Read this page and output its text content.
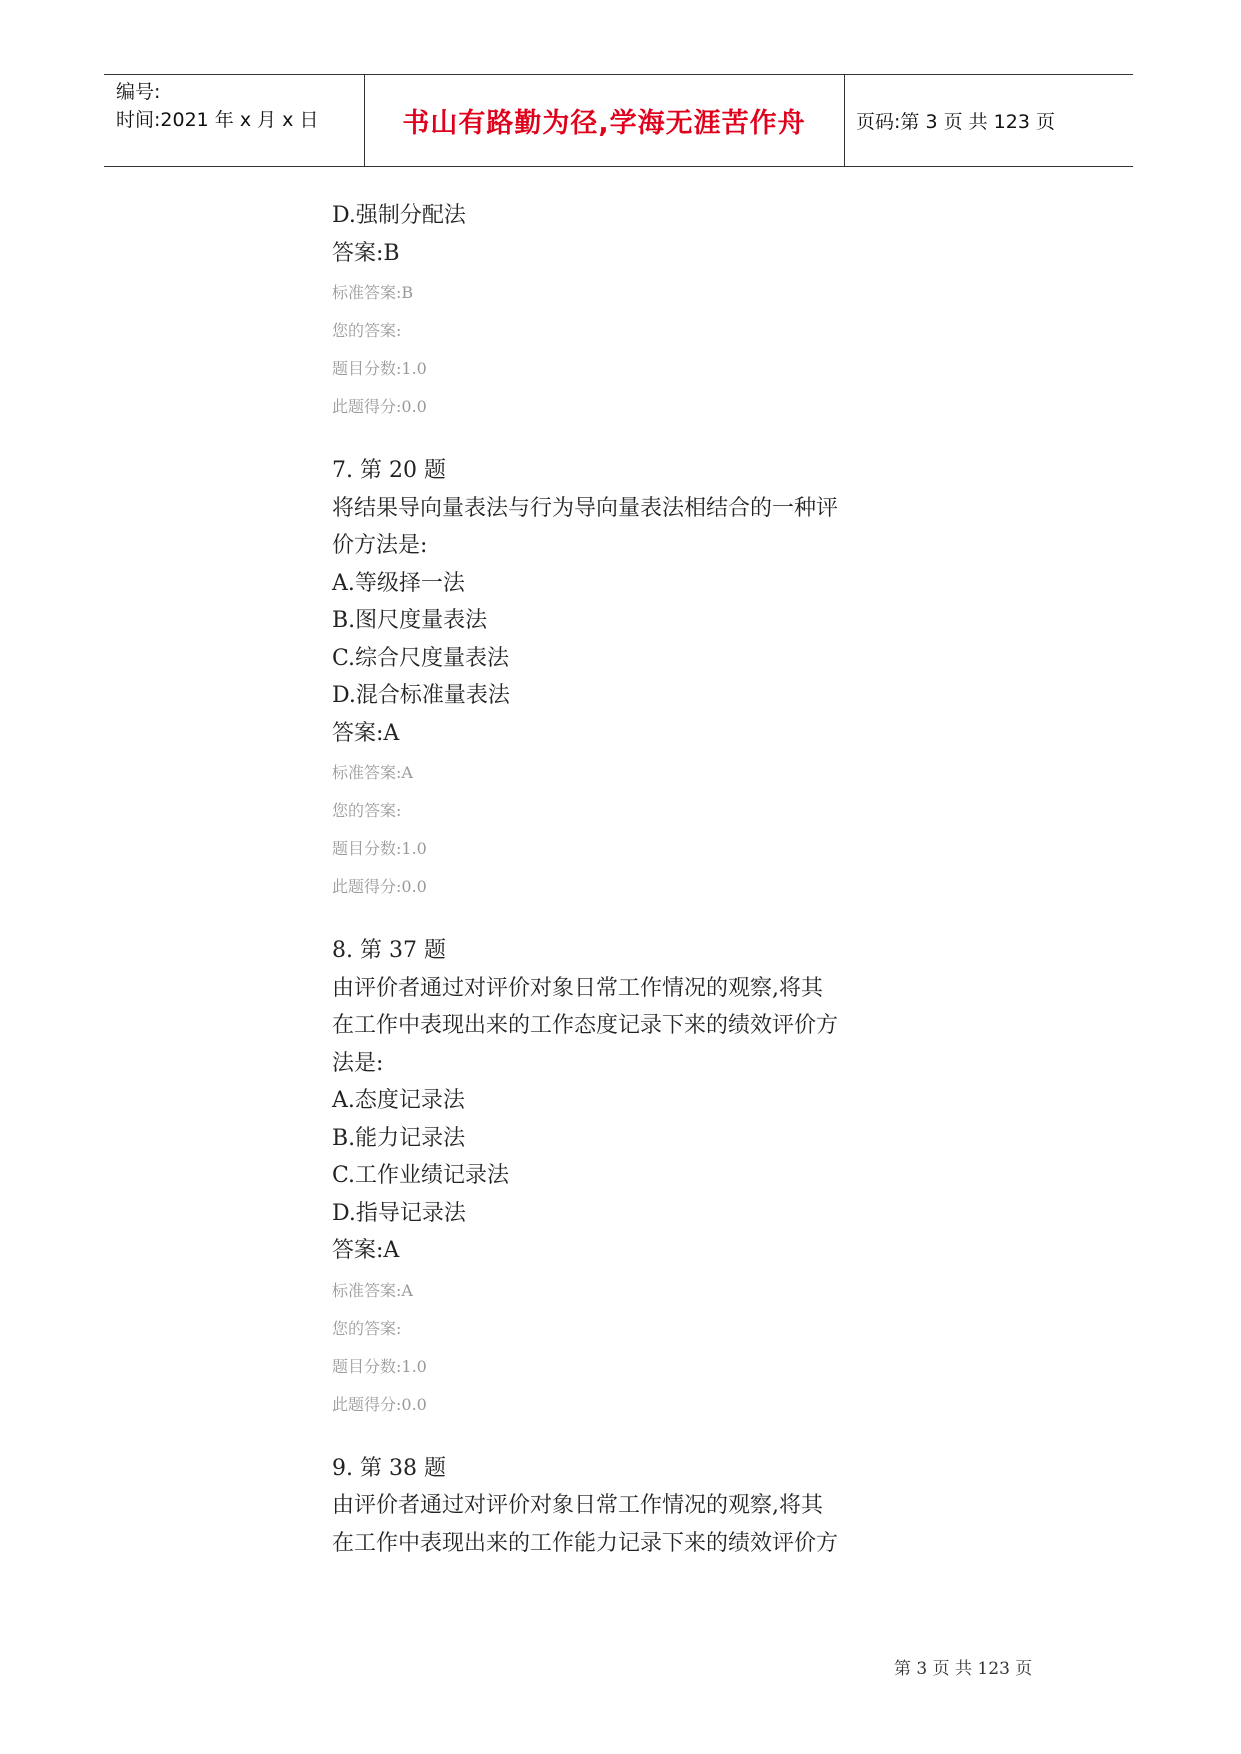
编号:
时间:2021 年 x 月 x 日	书山有路勤为径,学海无涯苦作舟	页码:第 3 页 共 123 页
D.强制分配法
答案:B
标准答案:B
您的答案:
题目分数:1.0
此题得分:0.0
7. 第 20 题
将结果导向量表法与行为导向量表法相结合的一种评
价方法是:
A.等级择一法
B.图尺度量表法
C.综合尺度量表法
D.混合标准量表法
答案:A
标准答案:A
您的答案:
题目分数:1.0
此题得分:0.0
8. 第 37 题
由评价者通过对评价对象日常工作情况的观察,将其
在工作中表现出来的工作态度记录下来的绩效评价方
法是:
A.态度记录法
B.能力记录法
C.工作业绩记录法
D.指导记录法
答案:A
标准答案:A
您的答案:
题目分数:1.0
此题得分:0.0
9. 第 38 题
由评价者通过对评价对象日常工作情况的观察,将其
在工作中表现出来的工作能力记录下来的绩效评价方
第 3 页 共 123 页
